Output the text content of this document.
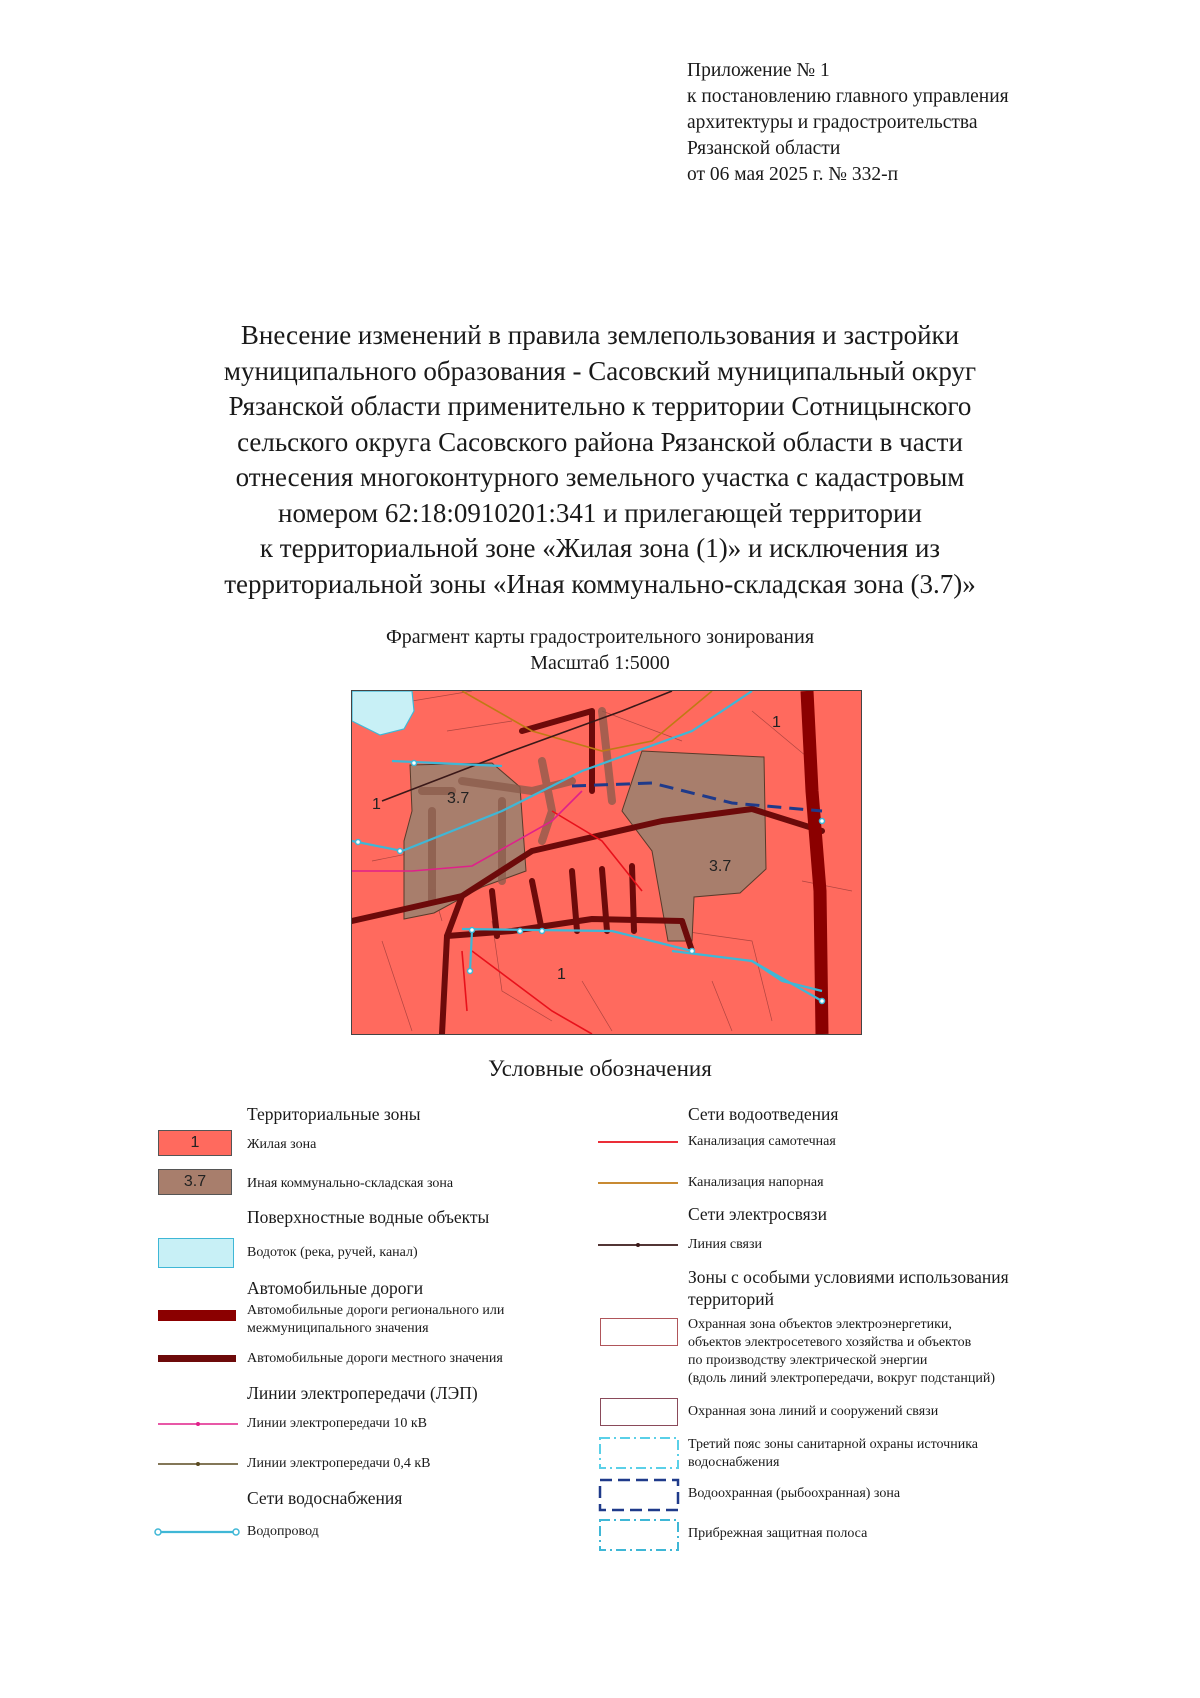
Приложение № 1
к постановлению главного управления
архитектуры и градостроительства
Рязанской области
от 06 мая 2025 г. № 332-п
Внесение изменений в правила землепользования и застройки
муниципального образования - Сасовский муниципальный округ
Рязанской области применительно к территории Сотницынского
сельского округа Сасовского района Рязанской области в части
отнесения многоконтурного земельного участка с кадастровым
номером 62:18:0910201:341 и прилегающей территории
к территориальной зоне «Жилая зона (1)» и исключения из
территориальной зоны «Иная коммунально-складская зона (3.7)»
Фрагмент карты градостроительного зонирования
Масштаб 1:5000
1
1	3.7
3.7
1
Условные обозначения
Территориальные зоны
1	Жилая зона
3.7	Иная коммунально-складская зона
Поверхностные водные объекты
Водоток (река, ручей, канал)
Автомобильные дороги
Автомобильные дороги регионального или
межмуниципального значения
Автомобильные дороги местного значения
Линии электропередачи (ЛЭП)
Линии электропередачи 10 кВ
Линии электропередачи 0,4 кВ
Сети водоснабжения
Водопровод
Сети водоотведения
Канализация самотечная
Канализация напорная
Сети электросвязи
Линия связи
Зоны с особыми условиями использования
территорий
Охранная зона объектов электроэнергетики,
объектов электросетевого хозяйства и объектов
по производству электрической энергии
(вдоль линий электропередачи, вокруг подстанций)
Охранная зона линий и сооружений связи
Третий пояс зоны санитарной охраны источника
водоснабжения
Водоохранная (рыбоохранная) зона
Прибрежная защитная полоса
